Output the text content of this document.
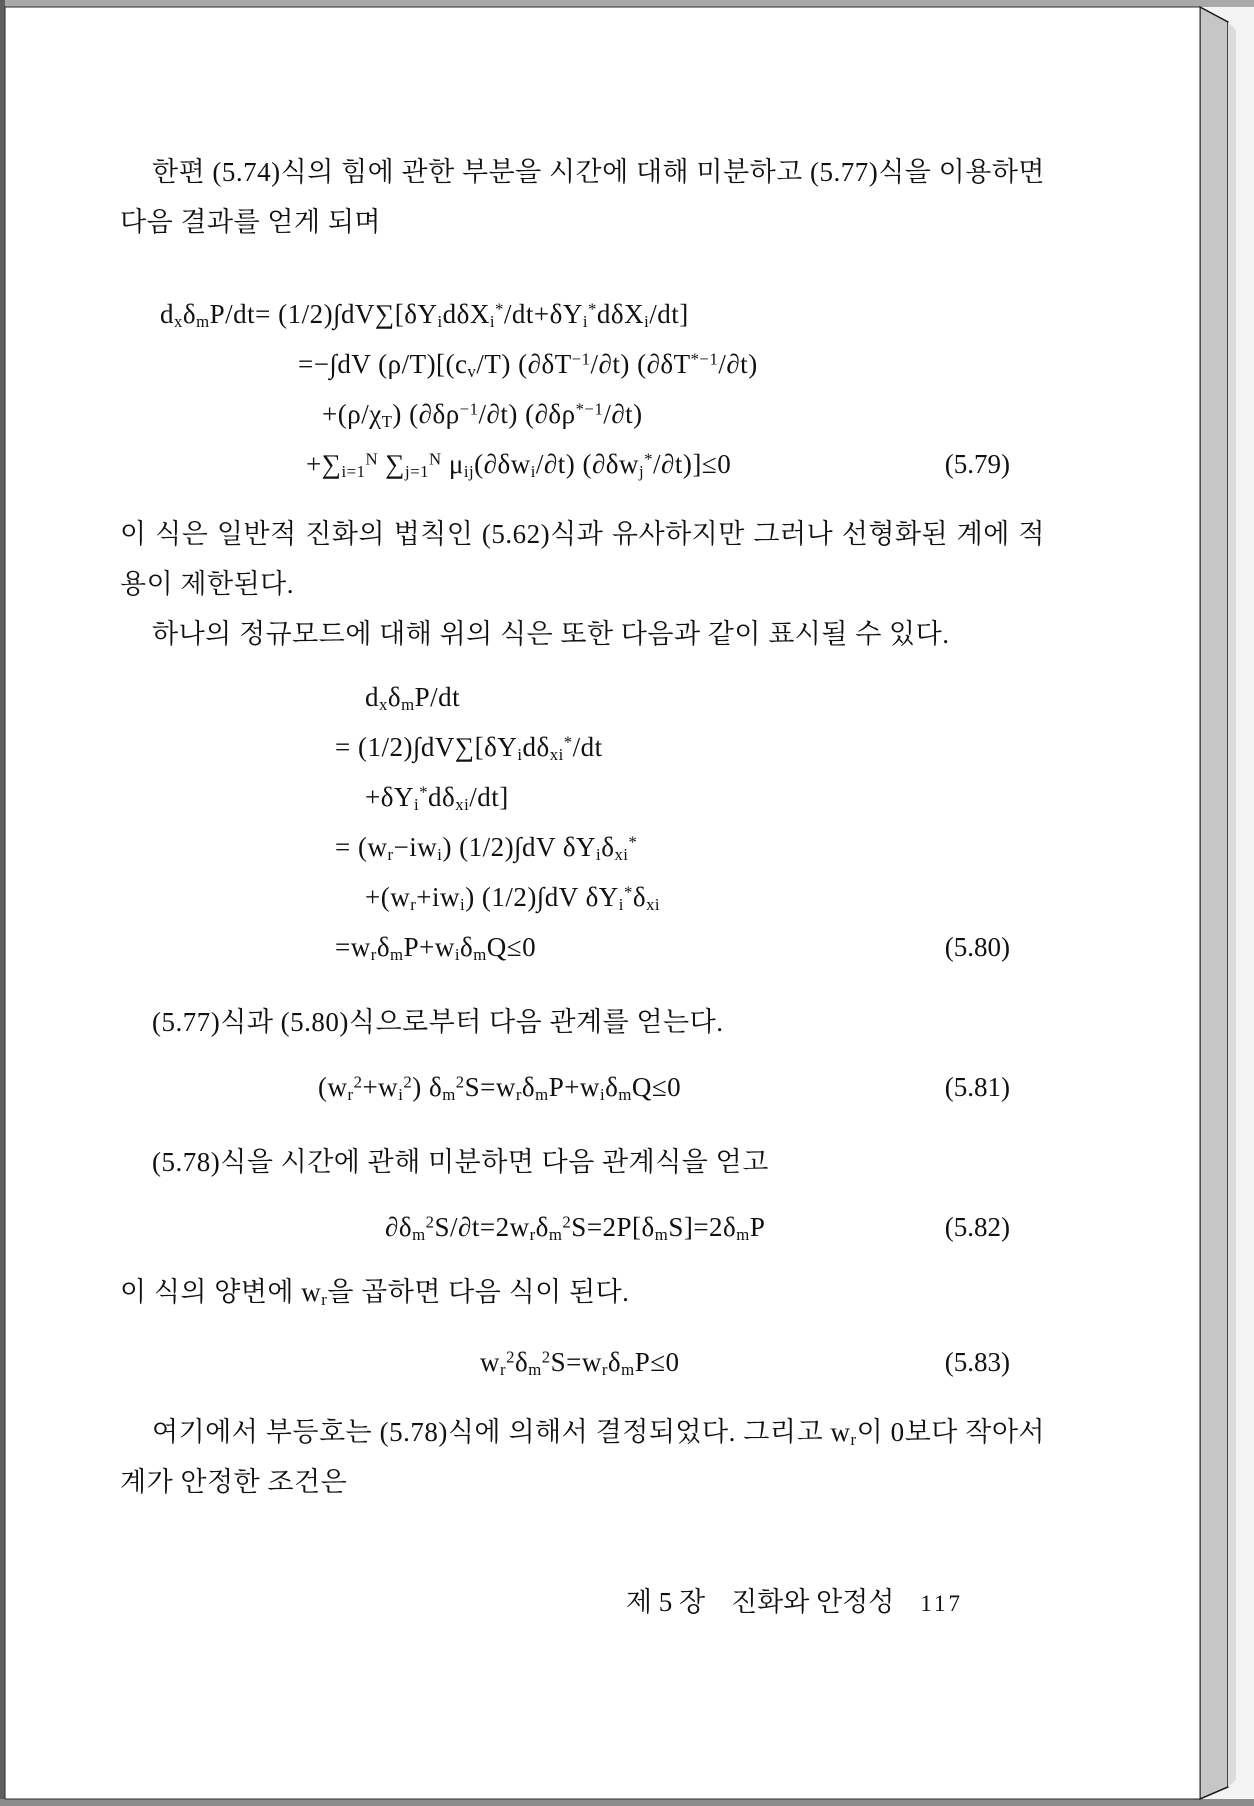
한편 (5.74)식의 힘에 관한 부분을 시간에 대해 미분하고 (5.77)식을 이용하면 다음 결과를 얻게 되며

$d_x\delta_mP/dt= (1/2)\int dV\sum[\delta Y_id\delta X_i^*/dt+\delta Y_i^*d\delta X_i/dt]$
=−∫dV $(\rho/T)[(c_v/T)$ $(\partial\delta T^{-1}/\partial t)$ $(\partial\delta T^{*-1}/\partial t)$
$+(\rho/\chi_T)$ $(\partial\delta\rho^{-1}/\partial t)$ $(\partial\delta\rho^{*-1}/\partial t)$
$+\sum_{i=1}^N$ $\sum_{j=1}^N$ $\mu_{ij}(\partial\delta w_i/\partial t)$ $(\partial\delta w_j^*/\partial t)]\le 0$	(5.79)

이 식은 일반적 진화의 법칙인 (5.62)식과 유사하지만 그러나 선형화된 계에 적용이 제한된다.

하나의 정규모드에 대해 위의 식은 또한 다음과 같이 표시될 수 있다.

$d_x\delta_mP/dt$
= $(1/2)\int dV\sum[\delta Y_id\delta_{xi}^*/dt$
$+\delta Y_i^*d\delta_{xi}/dt$]
= $(w_r-iw_i)$ (1/2)∫dV $\delta Y_i\delta_{xi}^*$
$+(w_r+iw_i)$ (1/2)∫dV $\delta Y_i^*\delta_{xi}$
$=w_r\delta_mP+w_i\delta_mQ\le 0$	(5.80)

(5.77)식과 (5.80)식으로부터 다음 관계를 얻는다.

$(w_r^2+w_i^2)$ $\delta_m^2S=w_r\delta_mP+w_i\delta_mQ\le 0$	(5.81)

(5.78)식을 시간에 관해 미분하면 다음 관계식을 얻고

$\partial\delta_m^2S/\partial t=2w_r\delta_m^2S=2P[\delta_mS]=2\delta_mP$	(5.82)

이 식의 양변에 $w_r$을 곱하면 다음 식이 된다.

$w_r^2\delta_m^2S=w_r\delta_mP\le 0$	(5.83)

여기에서 부등호는 (5.78)식에 의해서 결정되었다. 그리고 $w_r$이 0보다 작아서 계가 안정한 조건은

제 5 장 진화와 안정성 117
